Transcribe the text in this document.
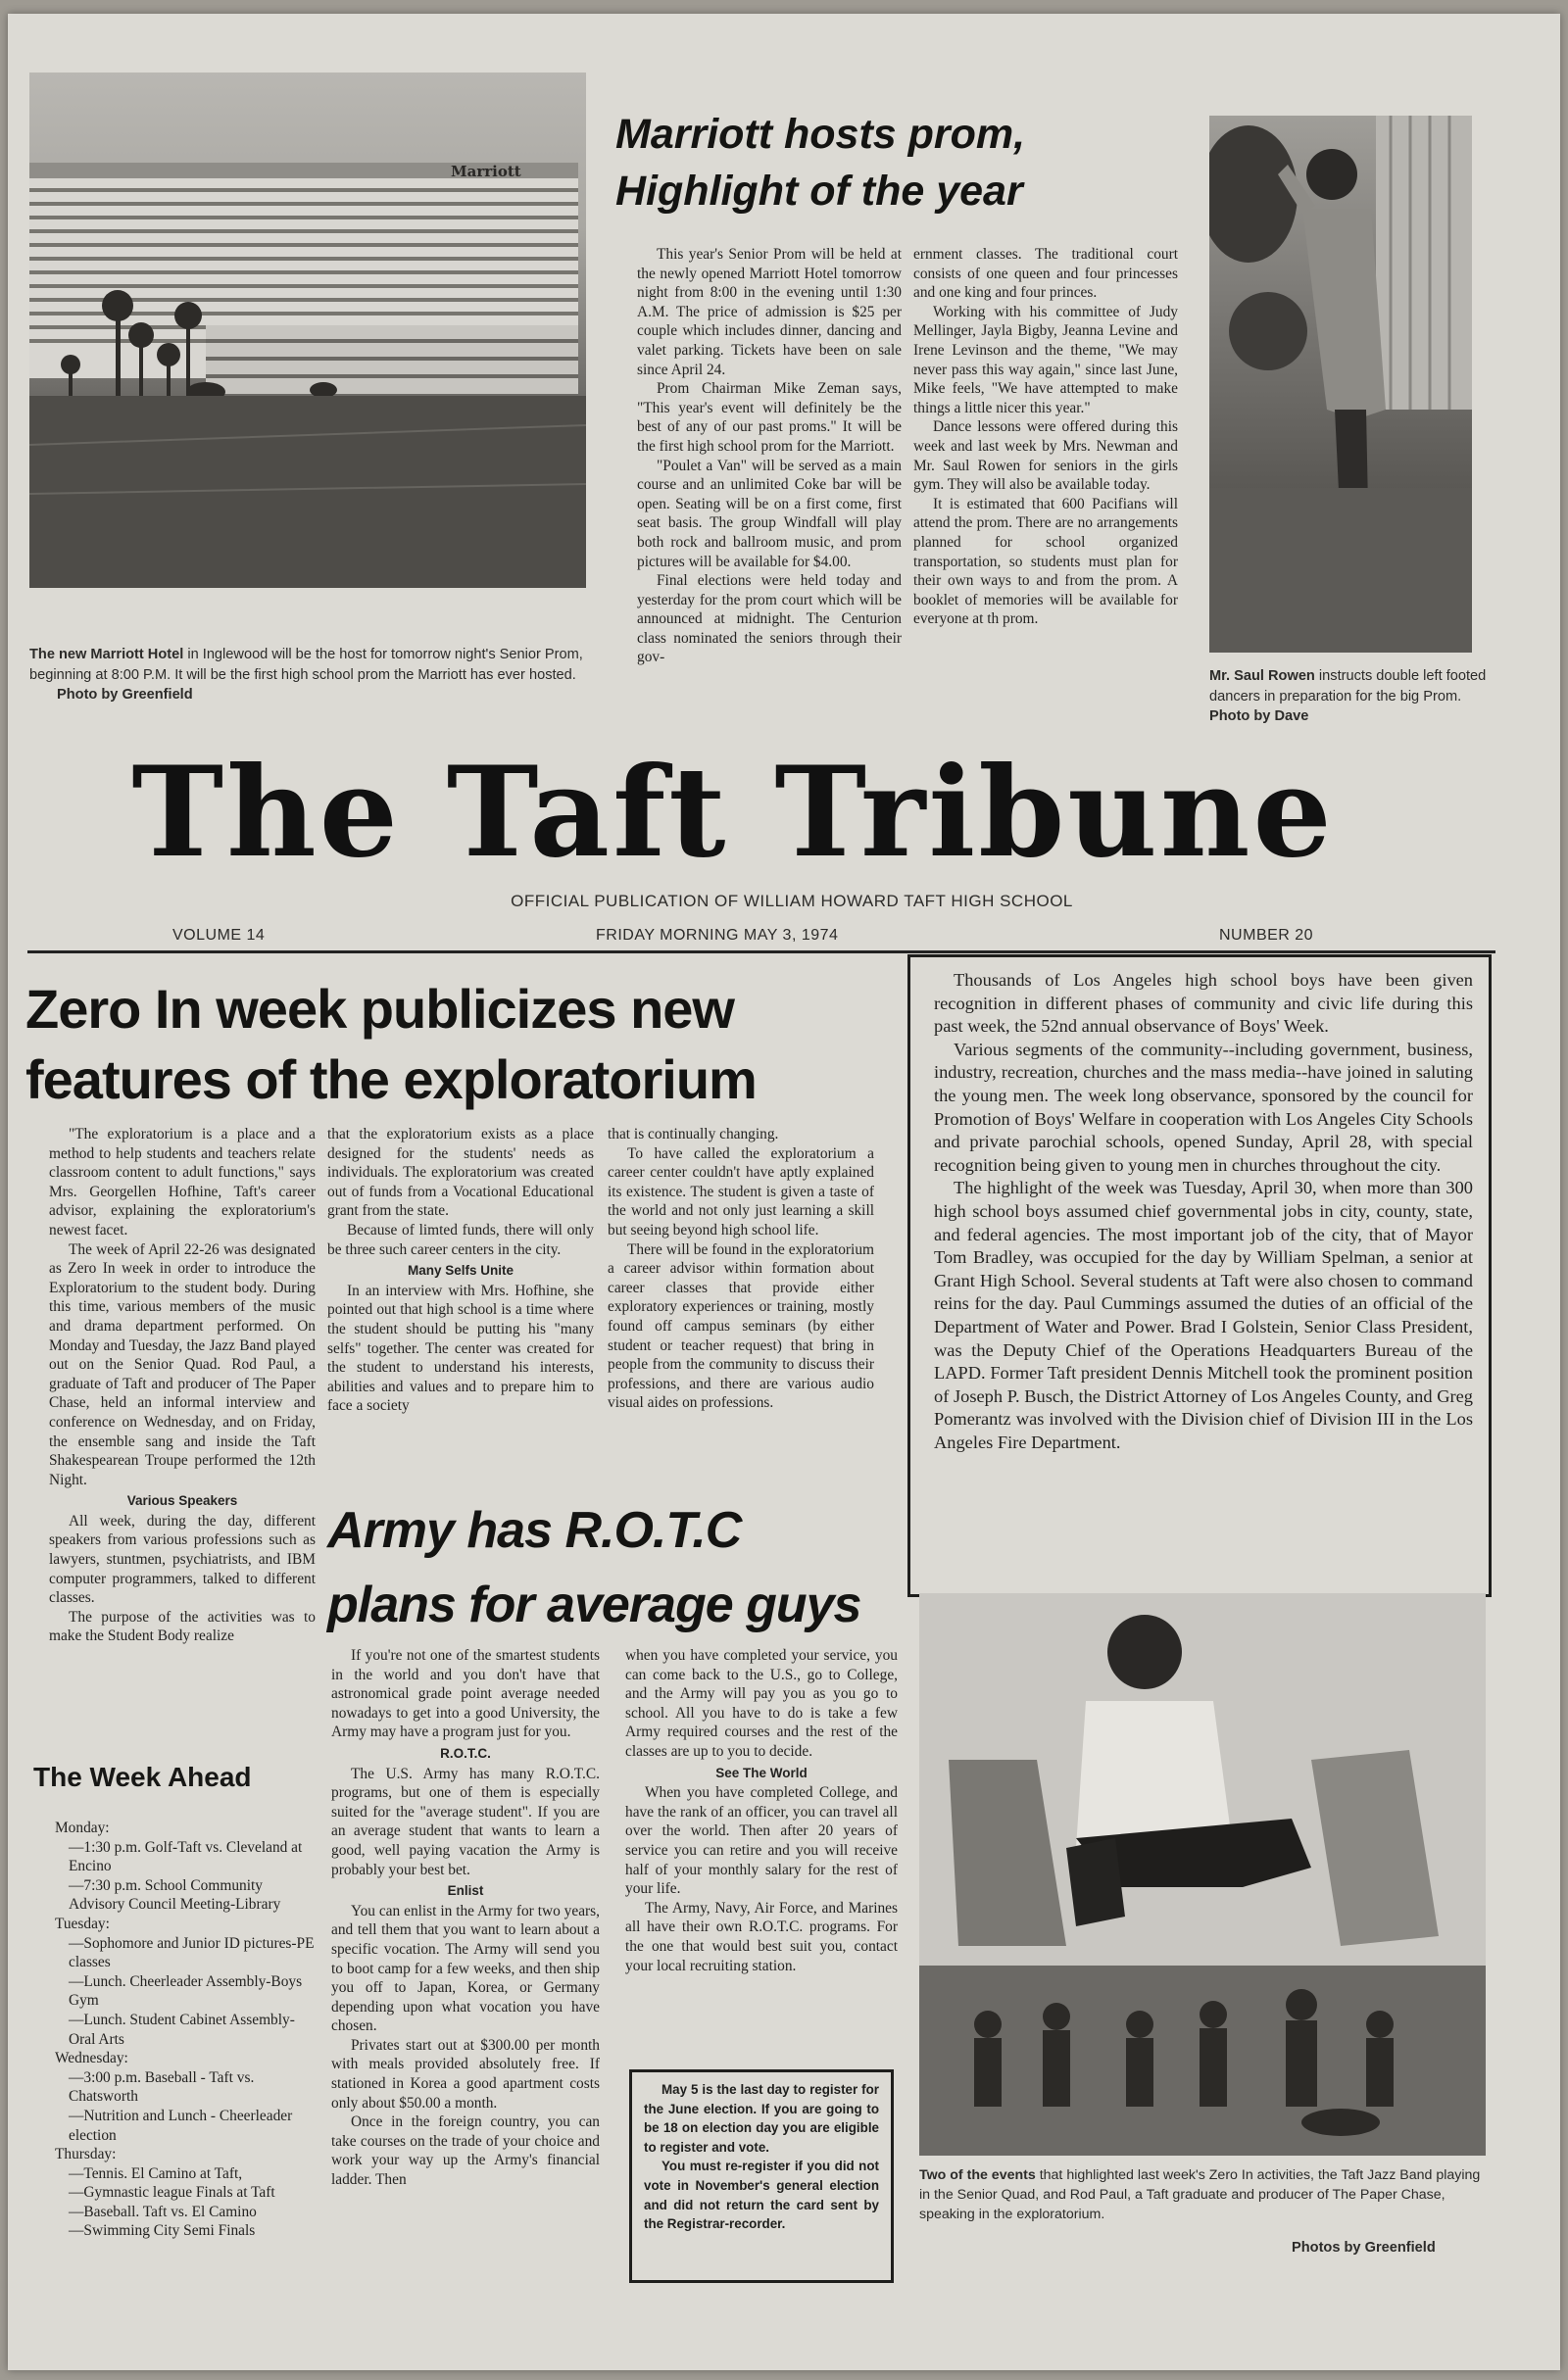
Marriott
The new Marriott Hotel in Inglewood will be the host for tomorrow night's Senior Prom, beginning at 8:00 P.M. It will be the first high school prom the Marriott has ever hosted. Photo by Greenfield
Marriott hosts prom,
Highlight of the year

This year's Senior Prom will be held at the newly opened Marriott Hotel tomorrow night from 8:00 in the evening until 1:30 A.M. The price of admission is $25 per couple which includes dinner, dancing and valet parking. Tickets have been on sale since April 24.

Prom Chairman Mike Zeman says, "This year's event will definitely be the best of any of our past proms." It will be the first high school prom for the Marriott.

"Poulet a Van" will be served as a main course and an unlimited Coke bar will be open. Seating will be on a first come, first seat basis. The group Windfall will play both rock and ballroom music, and prom pictures will be available for $4.00.

Final elections were held today and yesterday for the prom court which will be announced at midnight. The Centurion class nominated the seniors through their gov-

ernment classes. The traditional court consists of one queen and four princesses and one king and four princes.

Working with his committee of Judy Mellinger, Jayla Bigby, Jeanna Levine and Irene Levinson and the theme, "We may never pass this way again," since last June, Mike feels, "We have attempted to make things a little nicer this year."

Dance lessons were offered during this week and last week by Mrs. Newman and Mr. Saul Rowen for seniors in the girls gym. They will also be available today.

It is estimated that 600 Pacifians will attend the prom. There are no arrangements planned for school organized transportation, so students must plan for their own ways to and from the prom. A booklet of memories will be available for everyone at th prom.

Mr. Saul Rowen instructs double left footed dancers in preparation for the big Prom. Photo by Dave
The Taft Tribune
OFFICIAL PUBLICATION OF WILLIAM HOWARD TAFT HIGH SCHOOL
VOLUME 14	FRIDAY MORNING MAY 3, 1974	NUMBER 20
Zero In week publicizes new
features of the exploratorium

"The exploratorium is a place and a method to help students and teachers relate classroom content to adult functions," says Mrs. Georgellen Hofhine, Taft's career advisor, explaining the exploratorium's newest facet.

The week of April 22-26 was designated as Zero In week in order to introduce the Exploratorium to the student body. During this time, various members of the music and drama department performed. On Monday and Tuesday, the Jazz Band played out on the Senior Quad. Rod Paul, a graduate of Taft and producer of The Paper Chase, held an informal interview and conference on Wednesday, and on Friday, the ensemble sang and inside the Taft Shakespearean Troupe performed the 12th Night.

Various Speakers

All week, during the day, different speakers from various professions such as lawyers, stuntmen, psychiatrists, and IBM computer programmers, talked to different classes.

The purpose of the activities was to make the Student Body realize

that the exploratorium exists as a place designed for the students' needs as individuals. The exploratorium was created out of funds from a Vocational Educational grant from the state.

Because of limted funds, there will only be three such career centers in the city.

Many Selfs Unite

In an interview with Mrs. Hofhine, she pointed out that high school is a time where the student should be putting his "many selfs" together. The center was created for the student to understand his interests, abilities and values and to prepare him to face a society

that is continually changing.

To have called the exploratorium a career center couldn't have aptly explained its existence. The student is given a taste of the world and not only just learning a skill but seeing beyond high school life.

There will be found in the exploratorium a career advisor within formation about career classes that provide either exploratory experiences or training, mostly found off campus seminars (by either student or teacher request) that bring in people from the community to discuss their professions, and there are various audio visual aides on professions.

Thousands of Los Angeles high school boys have been given recognition in different phases of community and civic life during this past week, the 52nd annual observance of Boys' Week.

Various segments of the community--including government, business, industry, recreation, churches and the mass media--have joined in saluting the young men. The week long observance, sponsored by the council for Promotion of Boys' Welfare in cooperation with Los Angeles City Schools and private parochial schools, opened Sunday, April 28, with special recognition being given to young men in churches throughout the city.

The highlight of the week was Tuesday, April 30, when more than 300 high school boys assumed chief governmental jobs in city, county, state, and federal agencies. The most important job of the city, that of Mayor Tom Bradley, was occupied for the day by William Spelman, a senior at Grant High School. Several students at Taft were also chosen to command reins for the day. Paul Cummings assumed the duties of an official of the Department of Water and Power. Brad I Golstein, Senior Class President, was the Deputy Chief of the Operations Headquarters Bureau of the LAPD. Former Taft president Dennis Mitchell took the prominent position of Joseph P. Busch, the District Attorney of Los Angeles County, and Greg Pomerantz was involved with the Division chief of Division III in the Los Angeles Fire Department.

The Week Ahead
Monday:
—1:30 p.m. Golf-Taft vs. Cleveland at Encino
—7:30 p.m. School Community Advisory Council Meeting-Library
Tuesday:
—Sophomore and Junior ID pictures-PE classes
—Lunch. Cheerleader Assembly-Boys Gym
—Lunch. Student Cabinet Assembly-Oral Arts
Wednesday:
—3:00 p.m. Baseball - Taft vs. Chatsworth
—Nutrition and Lunch - Cheerleader election
Thursday:
—Tennis. El Camino at Taft,
—Gymnastic league Finals at Taft
—Baseball. Taft vs. El Camino
—Swimming City Semi Finals
Army has R.O.T.C
plans for average guys

If you're not one of the smartest students in the world and you don't have that astronomical grade point average needed nowadays to get into a good University, the Army may have a program just for you.

R.O.T.C.

The U.S. Army has many R.O.T.C. programs, but one of them is especially suited for the "average student". If you are an average student that wants to learn a good, well paying vacation the Army is probably your best bet.

Enlist

You can enlist in the Army for two years, and tell them that you want to learn about a specific vocation. The Army will send you to boot camp for a few weeks, and then ship you off to Japan, Korea, or Germany depending upon what vocation you have chosen.

Privates start out at $300.00 per month with meals provided absolutely free. If stationed in Korea a good apartment costs only about $50.00 a month.

Once in the foreign country, you can take courses on the trade of your choice and work your way up the Army's financial ladder. Then

when you have completed your service, you can come back to the U.S., go to College, and the Army will pay you as you go to school. All you have to do is take a few Army required courses and the rest of the classes are up to you to decide.

See The World

When you have completed College, and have the rank of an officer, you can travel all over the world. Then after 20 years of service you can retire and you will receive half of your monthly salary for the rest of your life.

The Army, Navy, Air Force, and Marines all have their own R.O.T.C. programs. For the one that would best suit you, contact your local recruiting station.

May 5 is the last day to register for the June election. If you are going to be 18 on election day you are eligible to register and vote.

You must re-register if you did not vote in November's general election and did not return the card sent by the Registrar-recorder.

Two of the events that highlighted last week's Zero In activities, the Taft Jazz Band playing in the Senior Quad, and Rod Paul, a Taft graduate and producer of The Paper Chase, speaking in the exploratorium.
Photos by Greenfield
